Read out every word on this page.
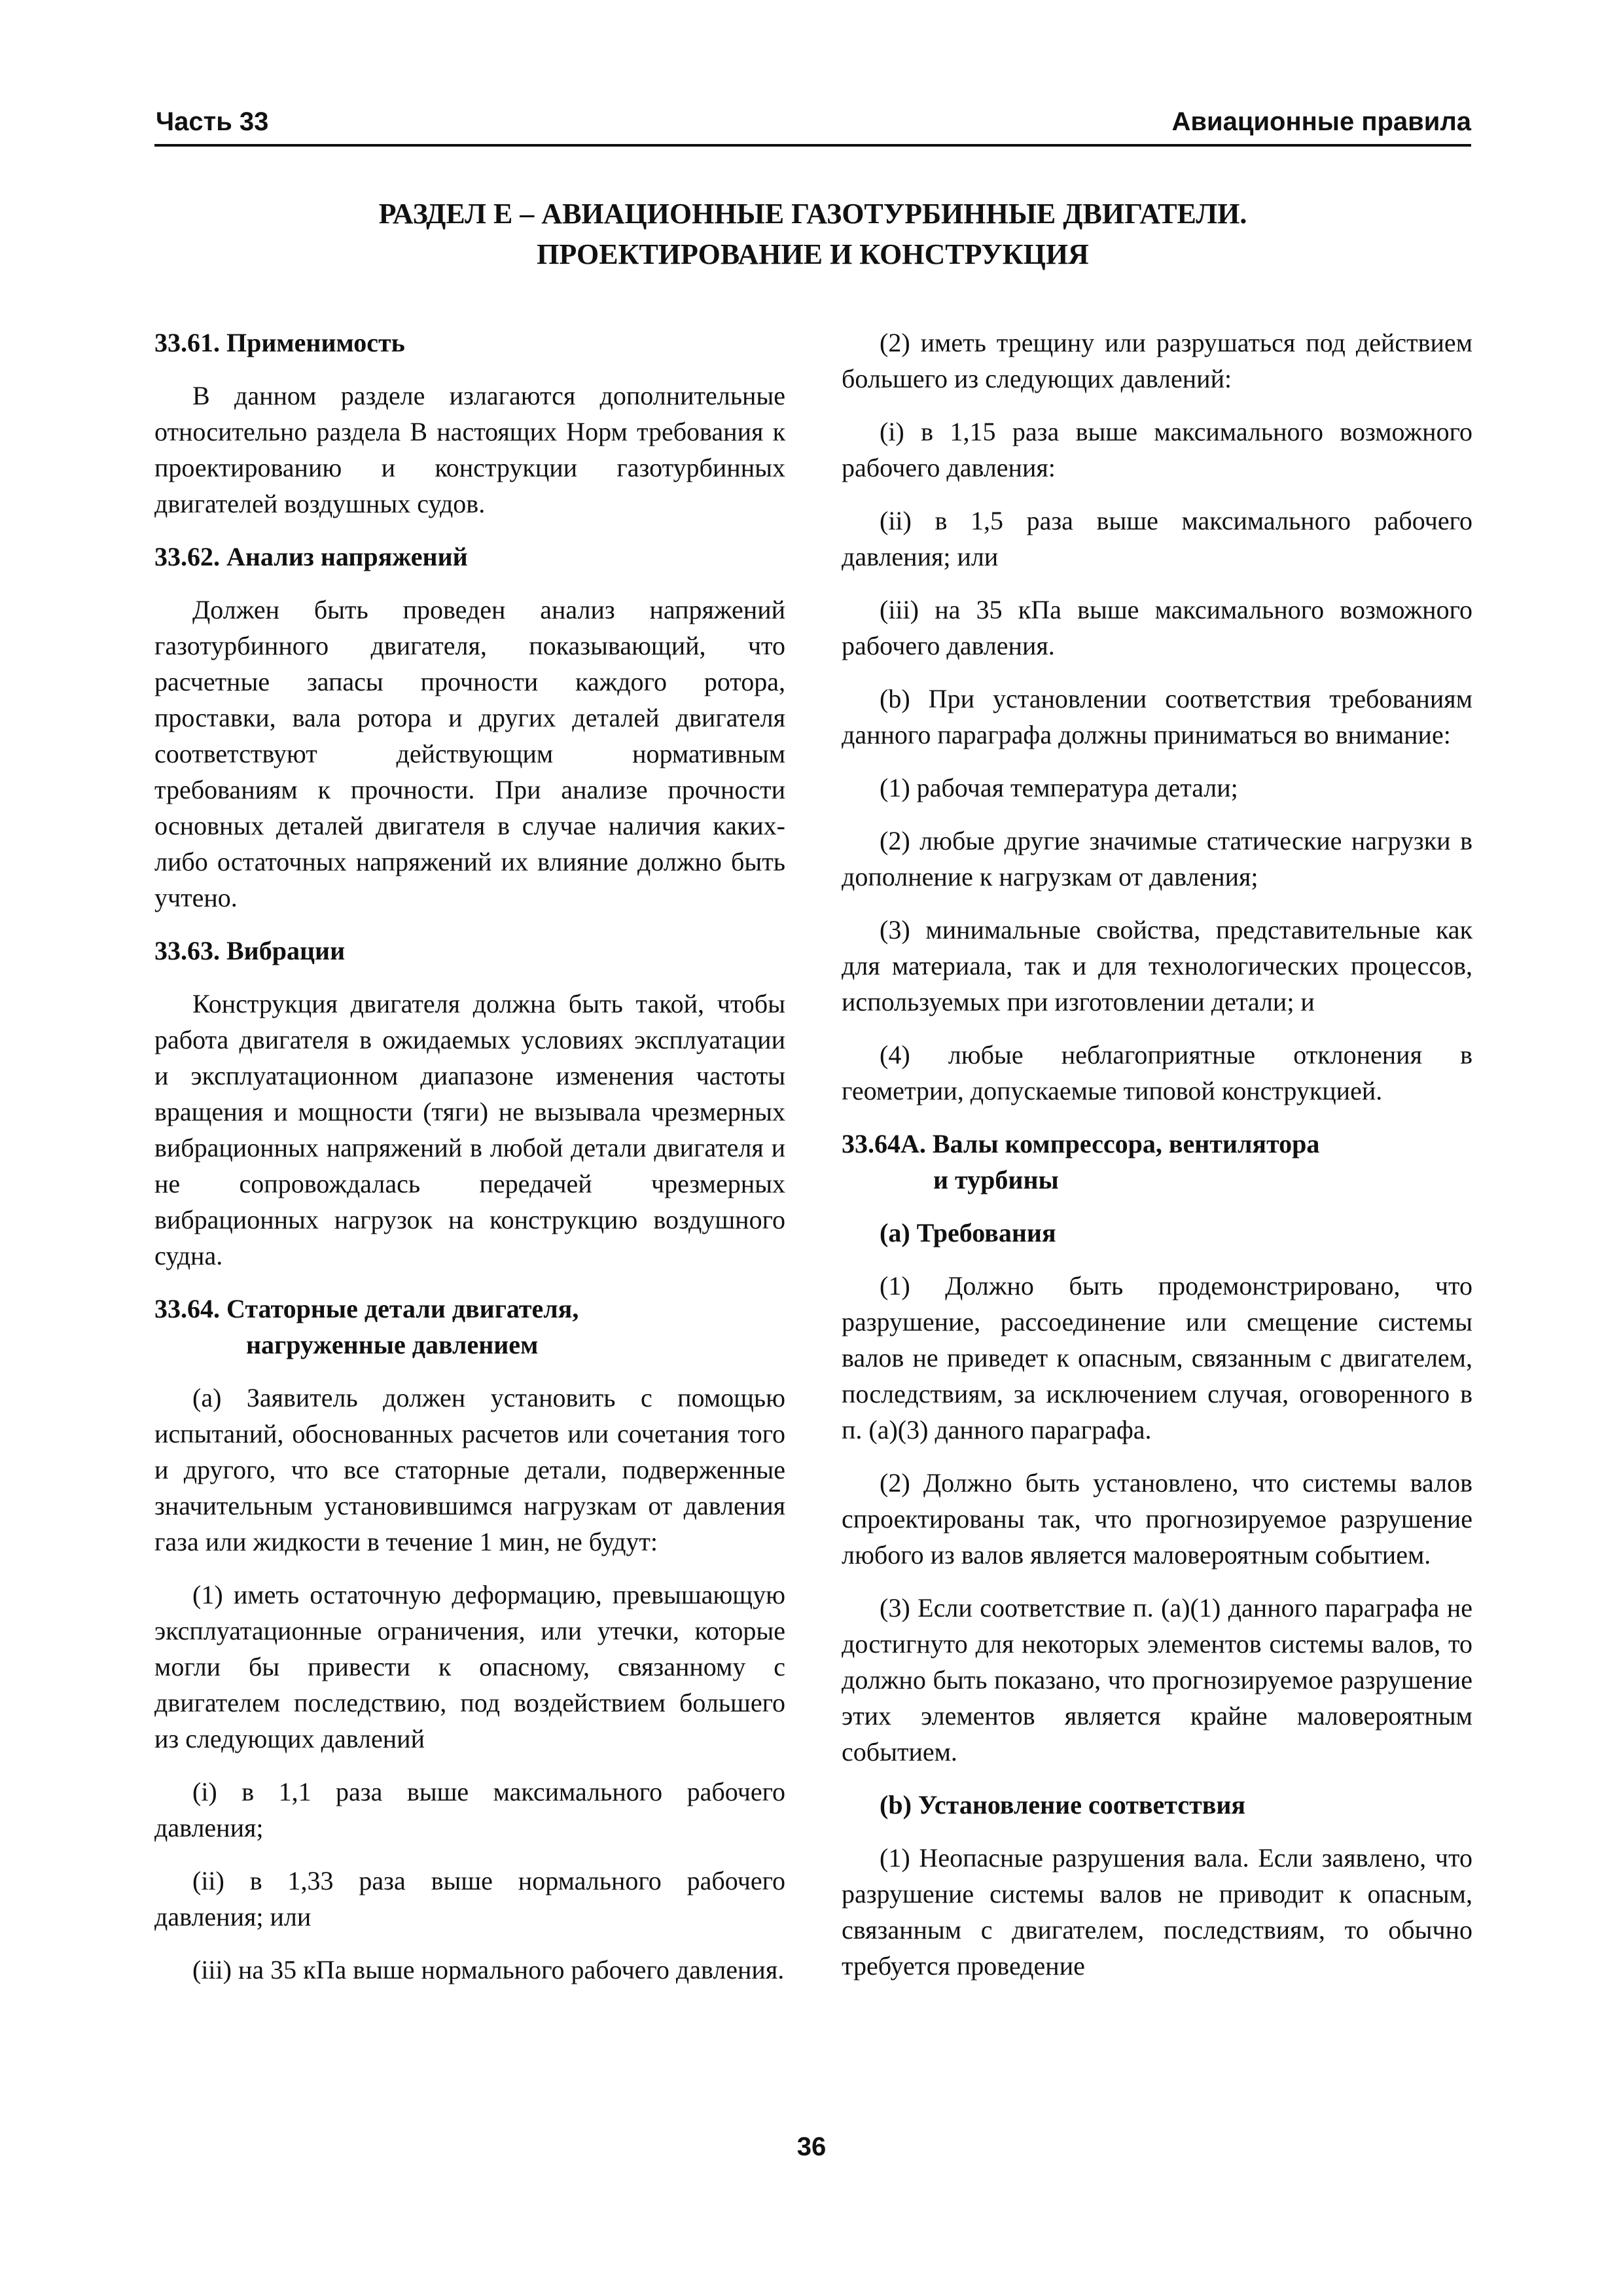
Часть 33	Авиационные правила
РАЗДЕЛ Е – АВИАЦИОННЫЕ ГАЗОТУРБИННЫЕ ДВИГАТЕЛИ.
ПРОЕКТИРОВАНИЕ И КОНСТРУКЦИЯ
33.61. Применимость
В данном разделе излагаются дополнительные относительно раздела В настоящих Норм требования к проектированию и конструкции газотурбинных двигателей воздушных судов.
33.62. Анализ напряжений
Должен быть проведен анализ напряжений газотурбинного двигателя, показывающий, что расчетные запасы прочности каждого ротора, проставки, вала ротора и других деталей двигателя соответствуют действующим нормативным требованиям к прочности. При анализе прочности основных деталей двигателя в случае наличия каких-либо остаточных напряжений их влияние должно быть учтено.
33.63. Вибрации
Конструкция двигателя должна быть такой, чтобы работа двигателя в ожидаемых условиях эксплуатации и эксплуатационном диапазоне изменения частоты вращения и мощности (тяги) не вызывала чрезмерных вибрационных напряжений в любой детали двигателя и не сопровождалась передачей чрезмерных вибрационных нагрузок на конструкцию воздушного судна.
33.64. Статорные детали двигателя,
нагруженные давлением
(а) Заявитель должен установить с помощью испытаний, обоснованных расчетов или сочетания того и другого, что все статорные детали, подверженные значительным установившимся нагрузкам от давления газа или жидкости в течение 1 мин, не будут:
(1) иметь остаточную деформацию, превышающую эксплуатационные ограничения, или утечки, которые могли бы привести к опасному, связанному с двигателем последствию, под воздействием большего из следующих давлений
(i) в 1,1 раза выше максимального рабочего давления;
(ii) в 1,33 раза выше нормального рабочего давления; или
(iii) на 35 кПа выше нормального рабочего давления.
(2) иметь трещину или разрушаться под действием большего из следующих давлений:
(i) в 1,15 раза выше максимального возможного рабочего давления:
(ii) в 1,5 раза выше максимального рабочего давления; или
(iii) на 35 кПа выше максимального возможного рабочего давления.
(b) При установлении соответствия требованиям данного параграфа должны приниматься во внимание:
(1) рабочая температура детали;
(2) любые другие значимые статические нагрузки в дополнение к нагрузкам от давления;
(3) минимальные свойства, представительные как для материала, так и для технологических процессов, используемых при изготовлении детали; и
(4) любые неблагоприятные отклонения в геометрии, допускаемые типовой конструкцией.
33.64А. Валы компрессора, вентилятора
и турбины
(а) Требования
(1) Должно быть продемонстрировано, что разрушение, рассоединение или смещение системы валов не приведет к опасным, связанным с двигателем, последствиям, за исключением случая, оговоренного в п. (а)(3) данного параграфа.
(2) Должно быть установлено, что системы валов спроектированы так, что прогнозируемое разрушение любого из валов является маловероятным событием.
(3) Если соответствие п. (а)(1) данного параграфа не достигнуто для некоторых элементов системы валов, то должно быть показано, что прогнозируемое разрушение этих элементов является крайне маловероятным событием.
(b) Установление соответствия
(1) Неопасные разрушения вала. Если заявлено, что разрушение системы валов не приводит к опасным, связанным с двигателем, последствиям, то обычно требуется проведение
36
